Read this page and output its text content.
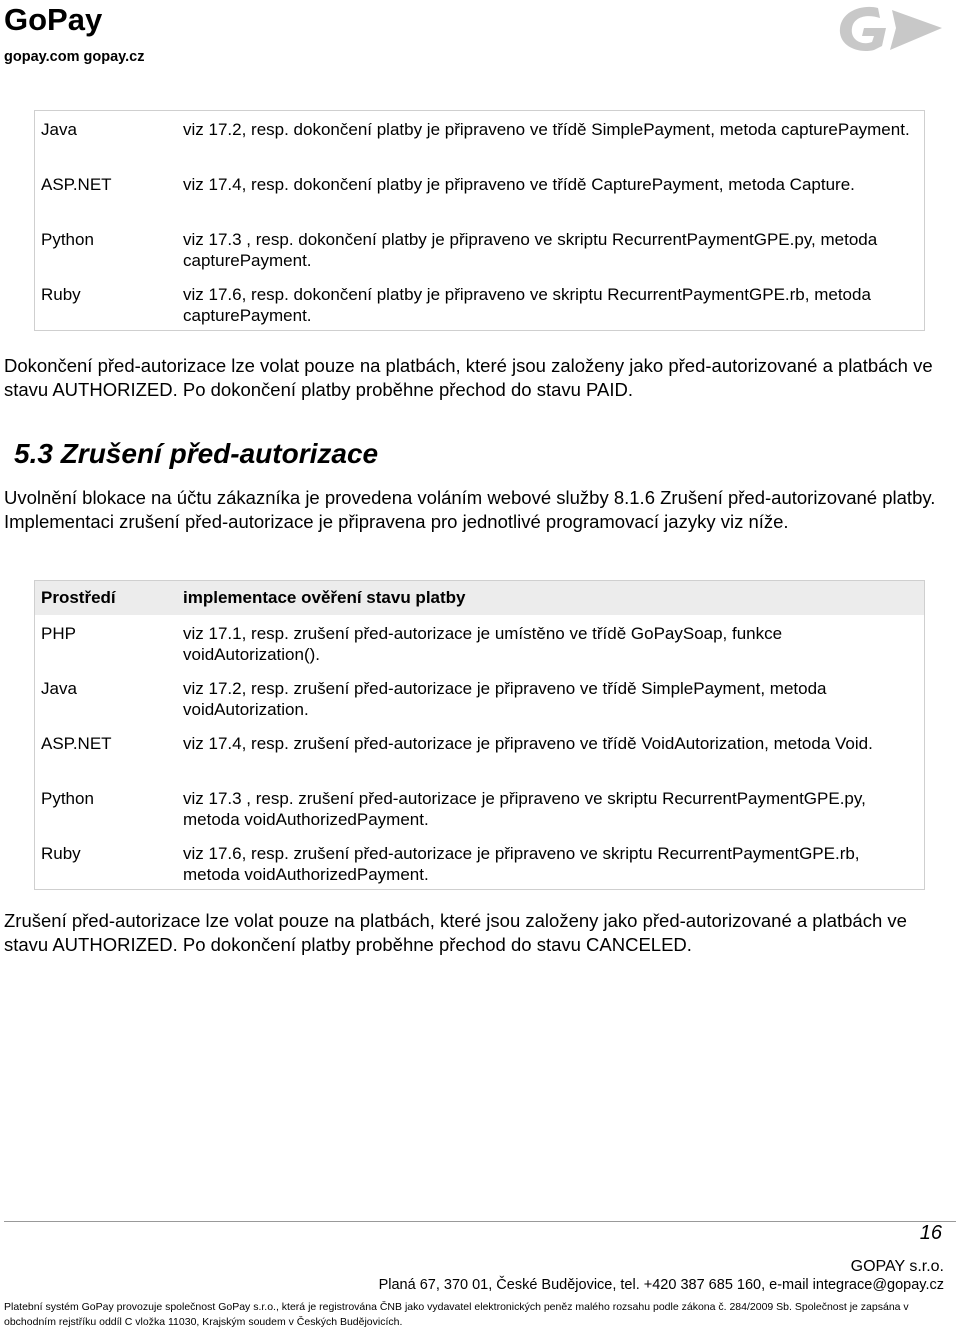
GoPay
gopay.com gopay.cz
Java	viz 17.2, resp. dokončení platby je připraveno ve třídě SimplePayment, metoda capturePayment.
ASP.NET	viz 17.4, resp. dokončení platby je připraveno ve třídě CapturePayment, metoda Capture.
Python	viz 17.3 , resp. dokončení platby je připraveno ve skriptu RecurrentPaymentGPE.py, metoda capturePayment.
Ruby	viz 17.6, resp. dokončení platby je připraveno ve skriptu RecurrentPaymentGPE.rb, metoda capturePayment.
Dokončení před-autorizace lze volat pouze na platbách, které jsou založeny jako před-autorizované a platbách ve stavu AUTHORIZED. Po dokončení platby proběhne přechod do stavu PAID.
5.3 Zrušení před-autorizace
Uvolnění blokace na účtu zákazníka je provedena voláním webové služby 8.1.6 Zrušení před-autorizované platby. Implementaci zrušení před-autorizace je připravena pro jednotlivé programovací jazyky viz níže.
Prostředí	implementace ověření stavu platby
PHP	viz 17.1, resp. zrušení před-autorizace je umístěno ve třídě GoPaySoap, funkce voidAutorization().
Java	viz 17.2, resp. zrušení před-autorizace je připraveno ve třídě SimplePayment, metoda voidAutorization.
ASP.NET	viz 17.4, resp. zrušení před-autorizace je připraveno ve třídě VoidAutorization, metoda Void.
Python	viz 17.3 , resp. zrušení před-autorizace je připraveno ve skriptu RecurrentPaymentGPE.py, metoda voidAuthorizedPayment.
Ruby	viz 17.6, resp. zrušení před-autorizace je připraveno ve skriptu RecurrentPaymentGPE.rb, metoda voidAuthorizedPayment.
Zrušení před-autorizace lze volat pouze na platbách, které jsou založeny jako před-autorizované a platbách ve stavu AUTHORIZED. Po dokončení platby proběhne přechod do stavu CANCELED.
16
GOPAY s.r.o.
Planá 67, 370 01, České Budějovice, tel. +420 387 685 160, e-mail integrace@gopay.cz
Platební systém GoPay provozuje společnost GoPay s.r.o., která je registrována ČNB jako vydavatel elektronických peněz malého rozsahu podle zákona č. 284/2009 Sb. Společnost je zapsána v obchodním rejstříku oddíl C vložka 11030, Krajským soudem v Českých Budějovicích.
